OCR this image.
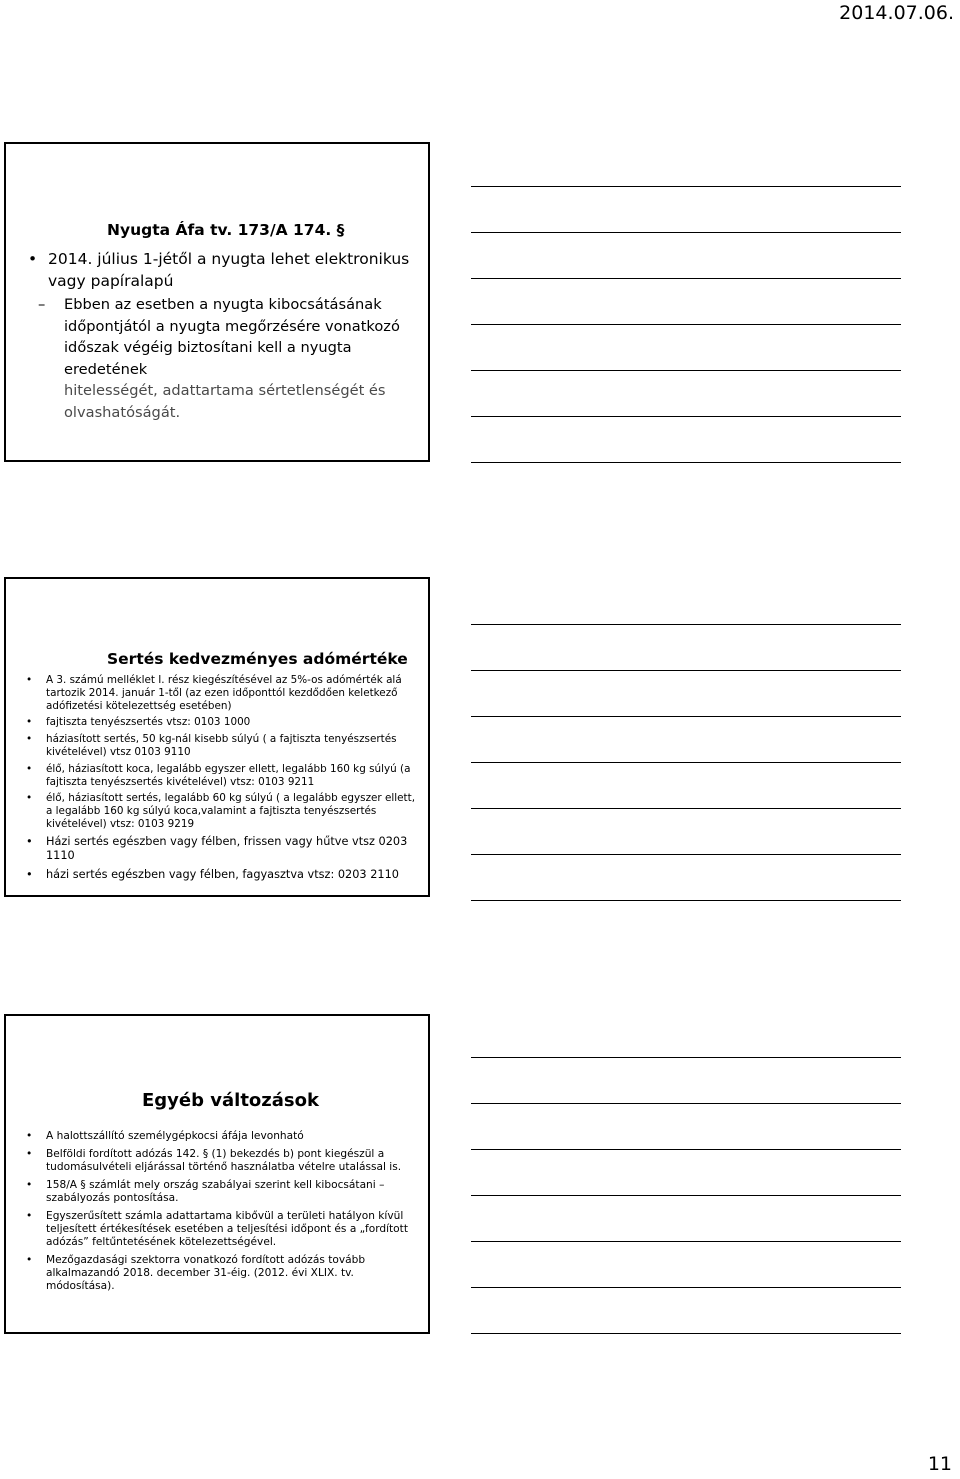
2014.07.06.
Nyugta Áfa tv. 173/A 174. §
• 2014. július 1-jétől a nyugta lehet elektronikus vagy papíralapú
– Ebben az esetben a nyugta kibocsátásának
időpontjától a nyugta megőrzésére vonatkozó
időszak végéig biztosítani kell a nyugta eredetének
hitelességét, adattartama sértetlenségét és
olvashatóságát.
Sertés kedvezményes adómértéke
• A 3. számú melléklet I. rész kiegészítésével az 5%-os adómérték alá tartozik 2014. január 1-től (az ezen időponttól kezdődően keletkező adófizetési kötelezettség esetében)
• fajtiszta tenyészsertés vtsz: 0103 1000
• háziasított sertés, 50 kg-nál kisebb súlyú ( a fajtiszta tenyészsertés kivételével) vtsz 0103 9110
• élő, háziasított koca, legalább egyszer ellett, legalább 160 kg súlyú (a fajtiszta tenyészsertés kivételével) vtsz: 0103 9211
• élő, háziasított sertés, legalább 60 kg súlyú ( a legalább egyszer ellett, a legalább 160 kg súlyú koca,valamint a fajtiszta tenyészsertés kivételével) vtsz: 0103 9219
• Házi sertés egészben vagy félben, frissen vagy hűtve vtsz 0203 1110
• házi sertés egészben vagy félben, fagyasztva vtsz: 0203 2110
Egyéb változások
• A halottszállító személygépkocsi áfája levonható
• Belföldi fordított adózás 142. § (1) bekezdés b) pont kiegészül a tudomásulvételi eljárással történő használatba vételre utalással is.
• 158/A § számlát mely ország szabályai szerint kell kibocsátani – szabályozás pontosítása.
• Egyszerűsített számla adattartama kibővül a területi hatályon kívül teljesített értékesítések esetében a teljesítési időpont és a „fordított adózás” feltűntetésének kötelezettségével.
• Mezőgazdasági szektorra vonatkozó fordított adózás tovább alkalmazandó 2018. december 31-éig. (2012. évi XLIX. tv. módosítása).
11
